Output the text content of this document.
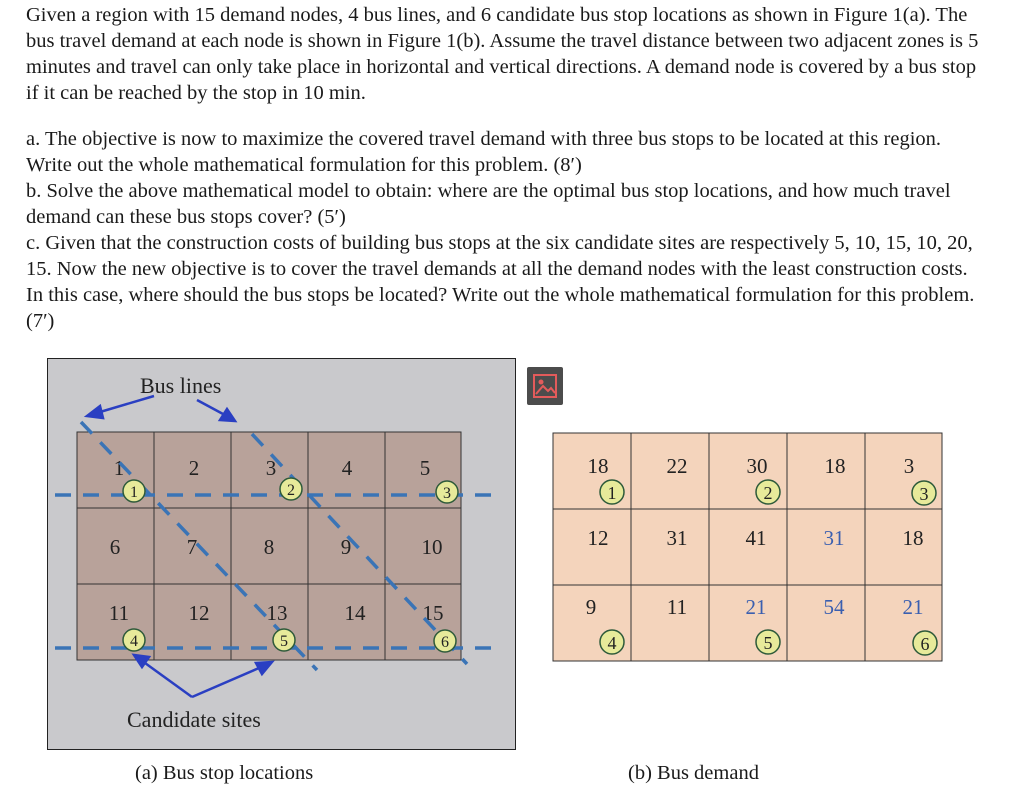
Given a region with 15 demand nodes, 4 bus lines, and 6 candidate bus stop locations as shown in Figure 1(a). The bus travel demand at each node is shown in Figure 1(b). Assume the travel distance between two adjacent zones is 5 minutes and travel can only take place in horizontal and vertical directions. A demand node is covered by a bus stop if it can be reached by the stop in 10 min.

a. The objective is now to maximize the covered travel demand with three bus stops to be located at this region. Write out the whole mathematical formulation for this problem. (8′)

b. Solve the above mathematical model to obtain: where are the optimal bus stop locations, and how much travel demand can these bus stops cover? (5′)

c. Given that the construction costs of building bus stops at the six candidate sites are respectively 5, 10, 15, 10, 20, 15. Now the new objective is to cover the travel demands at all the demand nodes with the least construction costs. In this case, where should the bus stops be located? Write out the whole mathematical formulation for this problem. (7′)

1	2	3	4	5
6	7	8	9	10
11	12	13	14	15
1	2	3
4	5	6
Bus lines
Candidate sites
18	22	30	18	3
12	31	41	31	18
9	11	21	54	21
1	2	3
4	5	6

(a) Bus stop locations	(b) Bus demand
